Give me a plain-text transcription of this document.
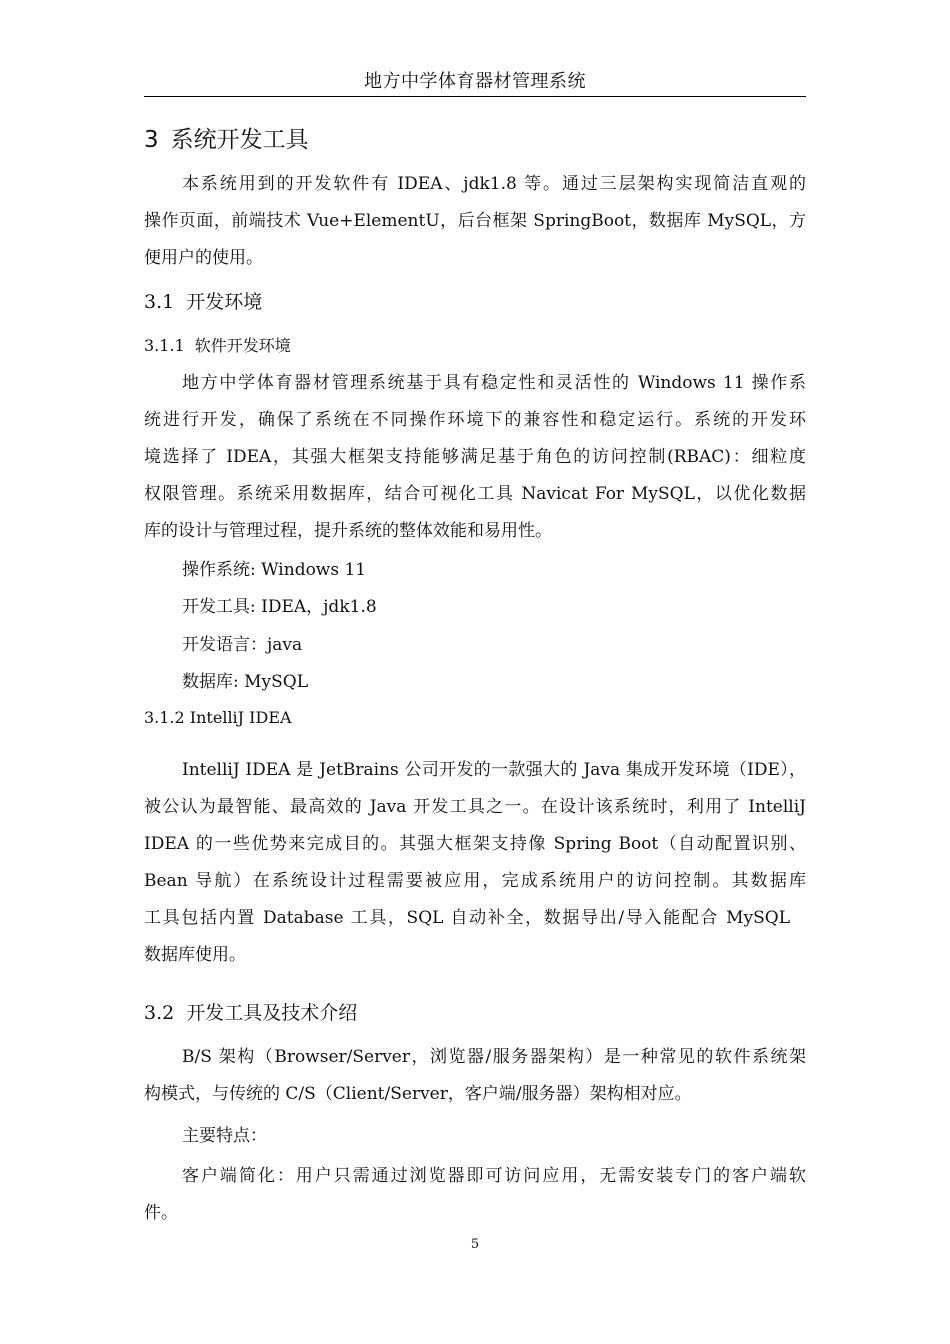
地方中学体育器材管理系统
3 系统开发工具
本系统用到的开发软件有 IDEA、jdk1.8 等。通过三层架构实现简洁直观的
操作页面，前端技术 Vue+ElementU，后台框架 SpringBoot，数据库 MySQL，方
便用户的使用。
3.1 开发环境
3.1.1 软件开发环境
地方中学体育器材管理系统基于具有稳定性和灵活性的 Windows 11 操作系
统进行开发，确保了系统在不同操作环境下的兼容性和稳定运行。系统的开发环
境选择了 IDEA，其强大框架支持能够满足基于角色的访问控制(RBAC)：细粒度
权限管理。系统采用数据库，结合可视化工具 Navicat For MySQL，以优化数据
库的设计与管理过程，提升系统的整体效能和易用性。
操作系统: Windows 11
开发工具: IDEA，jdk1.8
开发语言：java
数据库: MySQL
3.1.2 IntelliJ IDEA
IntelliJ IDEA 是 JetBrains 公司开发的一款强大的 Java 集成开发环境（IDE），
被公认为最智能、最高效的 Java 开发工具之一。在设计该系统时，利用了 IntelliJ
IDEA 的一些优势来完成目的。其强大框架支持像 Spring Boot（自动配置识别、
Bean 导航）在系统设计过程需要被应用，完成系统用户的访问控制。其数据库
工具包括内置 Database 工具，SQL 自动补全，数据导出/导入能配合 MySQL
数据库使用。
3.2 开发工具及技术介绍
B/S 架构（Browser/Server，浏览器/服务器架构）是一种常见的软件系统架
构模式，与传统的 C/S（Client/Server，客户端/服务器）架构相对应。
主要特点：
客户端简化：用户只需通过浏览器即可访问应用，无需安装专门的客户端软
件。
5
